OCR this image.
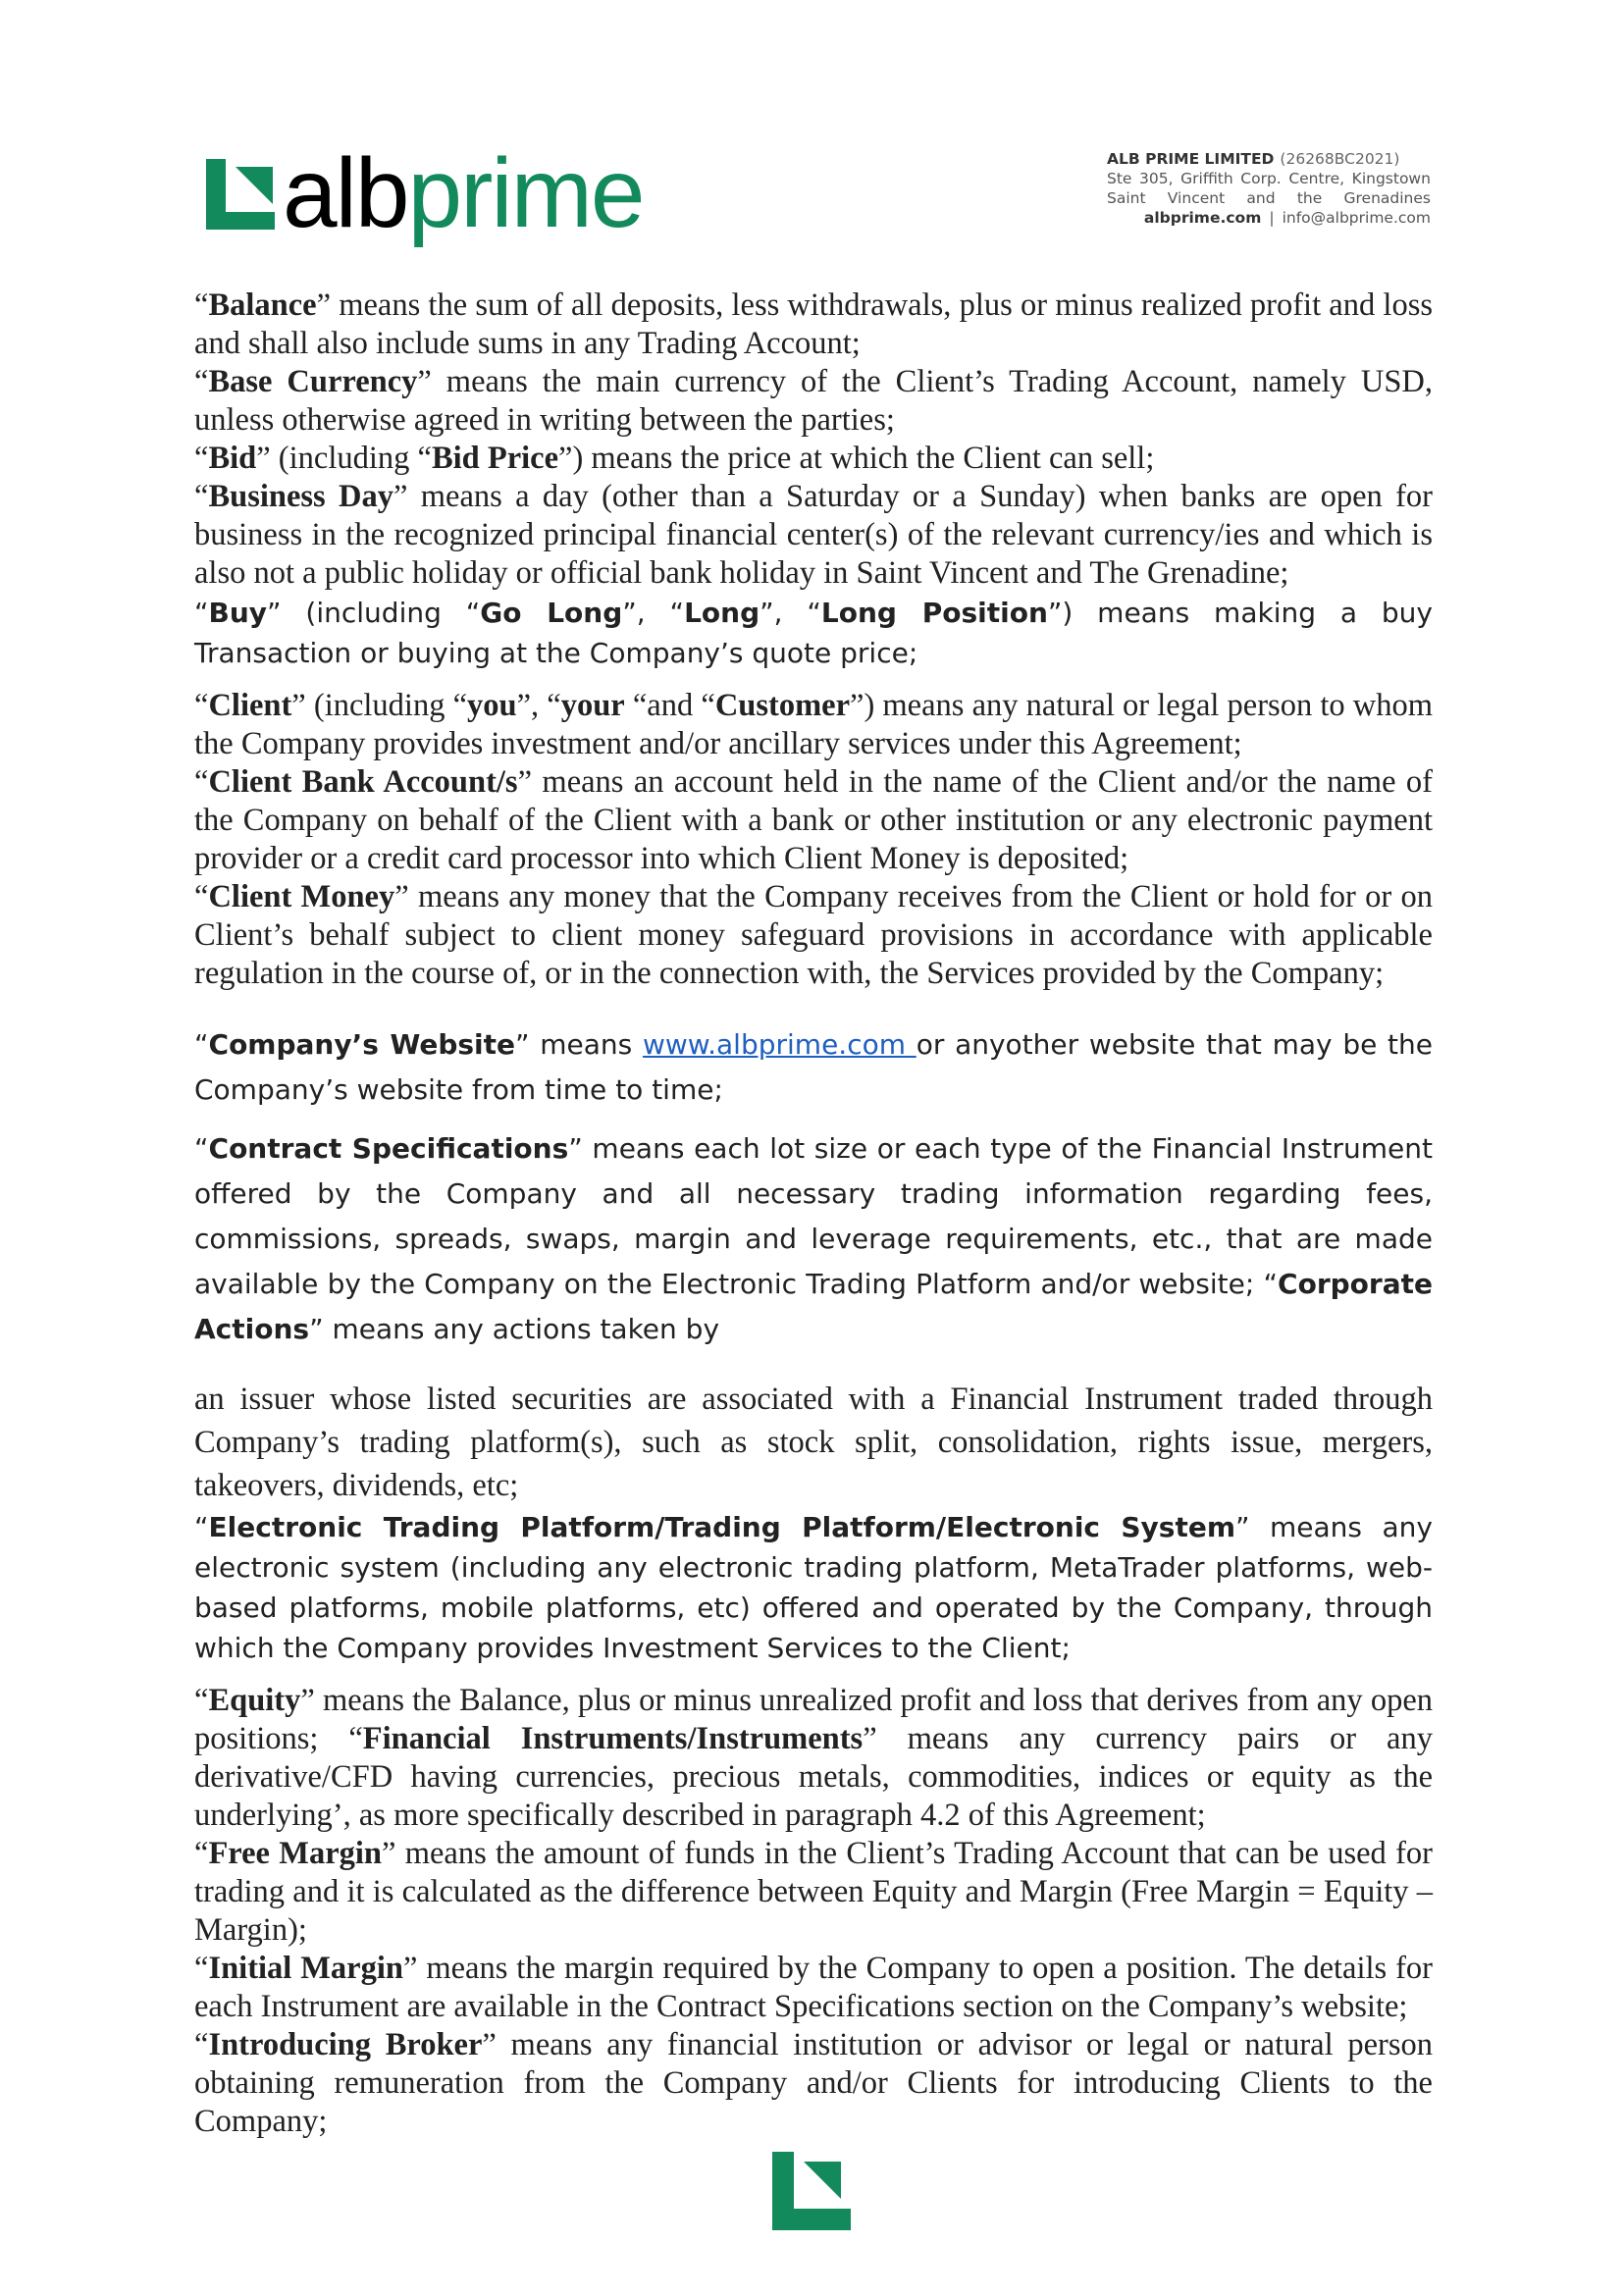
albprime	ALB PRIME LIMITED (26268BC2021)
Ste 305, Griffith Corp. Centre, Kingstown
Saint Vincent and the Grenadines
albprime.com | info@albprime.com

“Balance” means the sum of all deposits, less withdrawals, plus or minus realized profit and loss and shall also include sums in any Trading Account;

“Base Currency” means the main currency of the Client’s Trading Account, namely USD, unless otherwise agreed in writing between the parties;

“Bid” (including “Bid Price”) means the price at which the Client can sell;

“Business Day” means a day (other than a Saturday or a Sunday) when banks are open for business in the recognized principal financial center(s) of the relevant currency/ies and which is also not a public holiday or official bank holiday in Saint Vincent and The Grenadine;

“Buy” (including “Go Long”, “Long”, “Long Position”) means making a buy Transaction or buying at the Company’s quote price;

“Client” (including “you”, “your “and “Customer”) means any natural or legal person to whom the Company provides investment and/or ancillary services under this Agreement;

“Client Bank Account/s” means an account held in the name of the Client and/or the name of the Company on behalf of the Client with a bank or other institution or any electronic payment provider or a credit card processor into which Client Money is deposited;

“Client Money” means any money that the Company receives from the Client or hold for or on Client’s behalf subject to client money safeguard provisions in accordance with applicable regulation in the course of, or in the connection with, the Services provided by the Company;

“Company’s Website” means www.albprime.com or anyother website that may be the Company’s website from time to time;

“Contract Specifications” means each lot size or each type of the Financial Instrument offered by the Company and all necessary trading information regarding fees, commissions, spreads, swaps, margin and leverage requirements, etc., that are made available by the Company on the Electronic Trading Platform and/or website; “Corporate Actions” means any actions taken by

an issuer whose listed securities are associated with a Financial Instrument traded through Company’s trading platform(s), such as stock split, consolidation, rights issue, mergers, takeovers, dividends, etc;

“Electronic Trading Platform/Trading Platform/Electronic System” means any electronic system (including any electronic trading platform, MetaTrader platforms, web-based platforms, mobile platforms, etc) offered and operated by the Company, through which the Company provides Investment Services to the Client;

“Equity” means the Balance, plus or minus unrealized profit and loss that derives from any open positions; “Financial Instruments/Instruments” means any currency pairs or any derivative/CFD having currencies, precious metals, commodities, indices or equity as the underlying’, as more specifically described in paragraph 4.2 of this Agreement;

“Free Margin” means the amount of funds in the Client’s Trading Account that can be used for trading and it is calculated as the difference between Equity and Margin (Free Margin = Equity – Margin);

“Initial Margin” means the margin required by the Company to open a position. The details for each Instrument are available in the Contract Specifications section on the Company’s website;

“Introducing Broker” means any financial institution or advisor or legal or natural person obtaining remuneration from the Company and/or Clients for introducing Clients to the Company;
